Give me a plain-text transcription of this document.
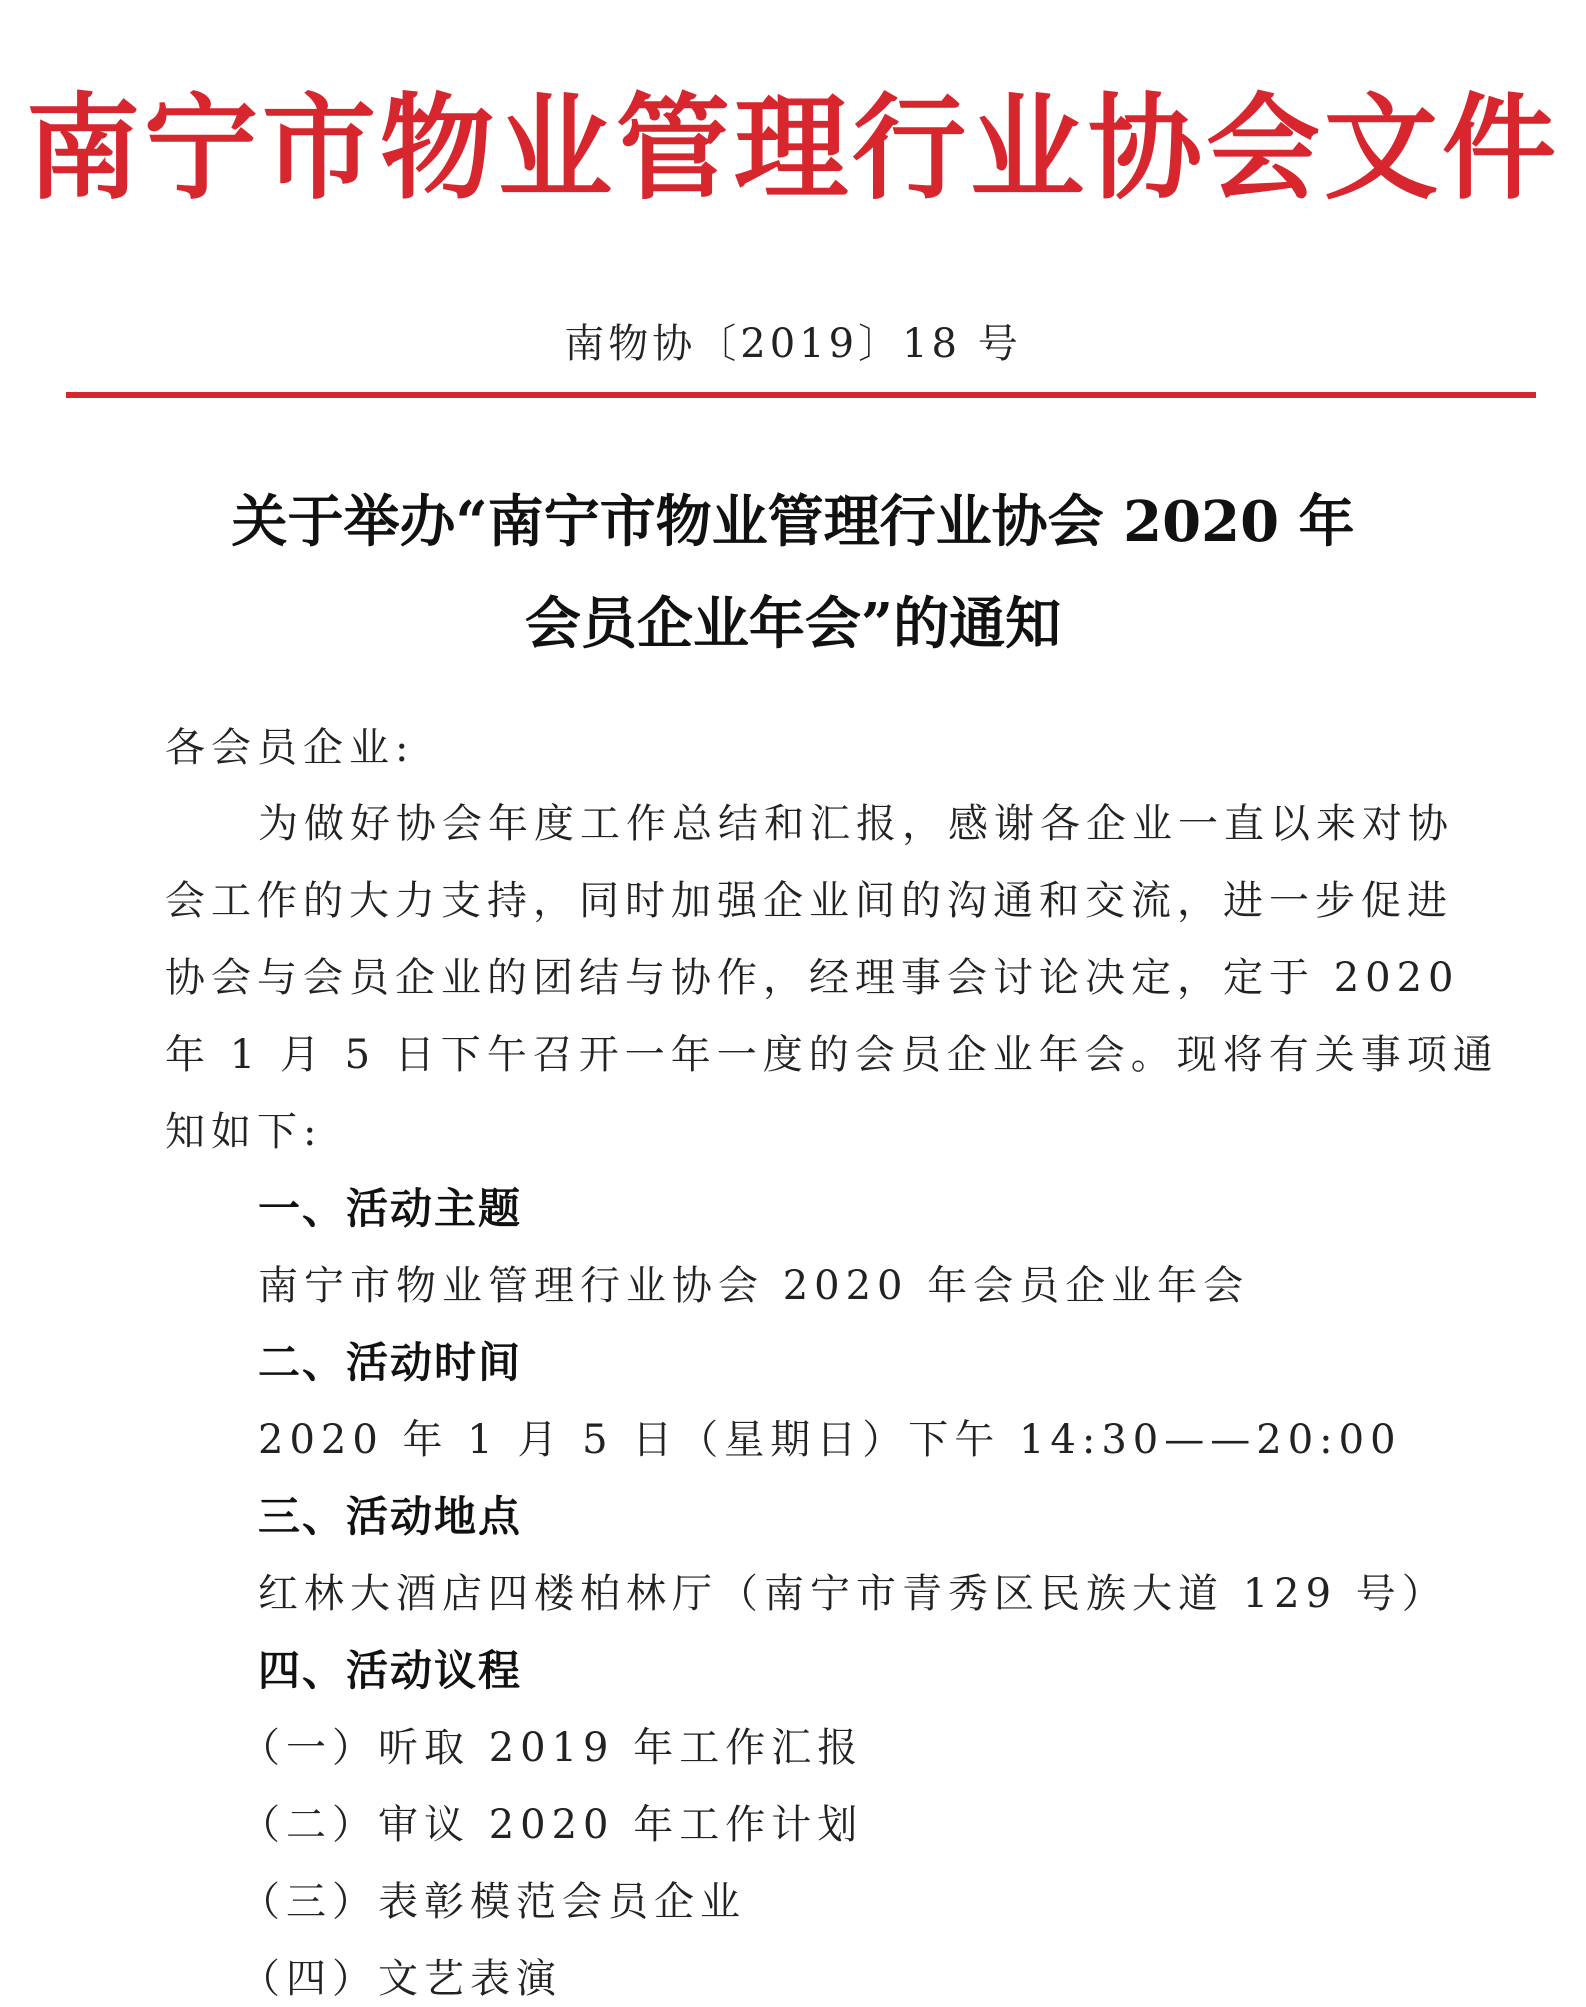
南宁市物业管理行业协会文件
南物协〔2019〕18 号
关于举办“南宁市物业管理行业协会 2020 年
会员企业年会”的通知
各会员企业:
为做好协会年度工作总结和汇报，感谢各企业一直以来对协
会工作的大力支持，同时加强企业间的沟通和交流，进一步促进
协会与会员企业的团结与协作，经理事会讨论决定，定于 2020
年 1 月 5 日下午召开一年一度的会员企业年会。现将有关事项通
知如下:
一、活动主题
南宁市物业管理行业协会 2020 年会员企业年会
二、活动时间
2020 年 1 月 5 日（星期日）下午 14:30——20:00
三、活动地点
红林大酒店四楼柏林厅（南宁市青秀区民族大道 129 号）
四、活动议程
（一）听取 2019 年工作汇报
（二）审议 2020 年工作计划
（三）表彰模范会员企业
（四）文艺表演
